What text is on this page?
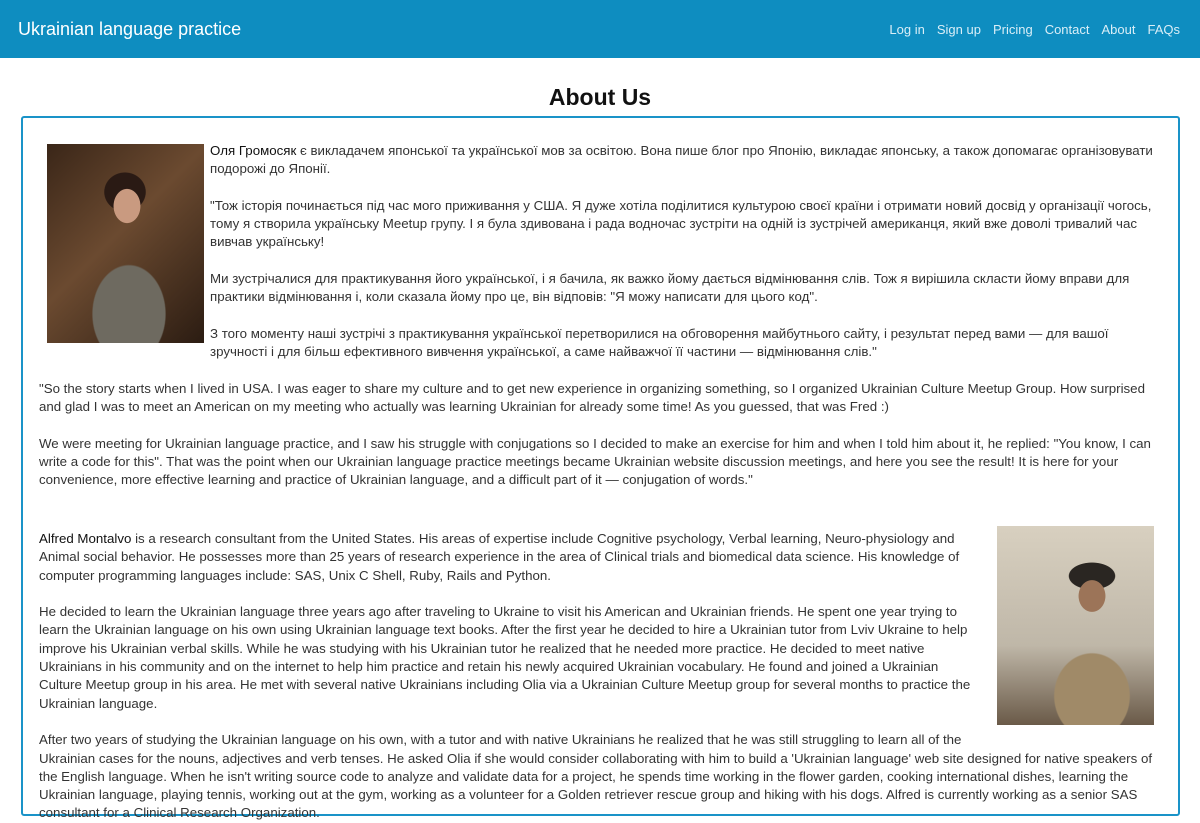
Ukrainian language practice	Log in Sign up Pricing Contact About FAQs
About Us

Оля Громосяк є викладачем японської та української мов за освітою. Вона пише блог про Японію, викладає японську, а також допомагає організовувати подорожі до Японії.

"Тож історія починається під час мого приживання у США. Я дуже хотіла поділитися культурою своєї країни і отримати новий досвід у організації чогось, тому я створила українську Meetup групу. І я була здивована і рада водночас зустріти на одній із зустрічей американця, який вже доволі тривалий час вивчав українську!

Ми зустрічалися для практикування його української, і я бачила, як важко йому дається відмінювання слів. Тож я вирішила скласти йому вправи для практики відмінювання і, коли сказала йому про це, він відповів: "Я можу написати для цього код".

З того моменту наші зустрічі з практикування української перетворилися на обговорення майбутнього сайту, і результат перед вами — для вашої зручності і для більш ефективного вивчення української, а саме найважчої її частини — відмінювання слів."

"So the story starts when I lived in USA. I was eager to share my culture and to get new experience in organizing something, so I organized Ukrainian Culture Meetup Group. How surprised and glad I was to meet an American on my meeting who actually was learning Ukrainian for already some time! As you guessed, that was Fred :)

We were meeting for Ukrainian language practice, and I saw his struggle with conjugations so I decided to make an exercise for him and when I told him about it, he replied: "You know, I can write a code for this". That was the point when our Ukrainian language practice meetings became Ukrainian website discussion meetings, and here you see the result! It is here for your convenience, more effective learning and practice of Ukrainian language, and a difficult part of it — conjugation of words."

Alfred Montalvo is a research consultant from the United States. His areas of expertise include Cognitive psychology, Verbal learning, Neuro-physiology and Animal social behavior. He possesses more than 25 years of research experience in the area of Clinical trials and biomedical data science. His knowledge of computer programming languages include: SAS, Unix C Shell, Ruby, Rails and Python.

He decided to learn the Ukrainian language three years ago after traveling to Ukraine to visit his American and Ukrainian friends. He spent one year trying to learn the Ukrainian language on his own using Ukrainian language text books. After the first year he decided to hire a Ukrainian tutor from Lviv Ukraine to help improve his Ukrainian verbal skills. While he was studying with his Ukrainian tutor he realized that he needed more practice. He decided to meet native Ukrainians in his community and on the internet to help him practice and retain his newly acquired Ukrainian vocabulary. He found and joined a Ukrainian Culture Meetup group in his area. He met with several native Ukrainians including Olia via a Ukrainian Culture Meetup group for several months to practice the Ukrainian language.

After two years of studying the Ukrainian language on his own, with a tutor and with native Ukrainians he realized that he was still struggling to learn all of the Ukrainian cases for the nouns, adjectives and verb tenses. He asked Olia if she would consider collaborating with him to build a 'Ukrainian language' web site designed for native speakers of the English language. When he isn't writing source code to analyze and validate data for a project, he spends time working in the flower garden, cooking international dishes, learning the Ukrainian language, playing tennis, working out at the gym, working as a volunteer for a Golden retriever rescue group and hiking with his dogs. Alfred is currently working as a senior SAS consultant for a Clinical Research Organization.
